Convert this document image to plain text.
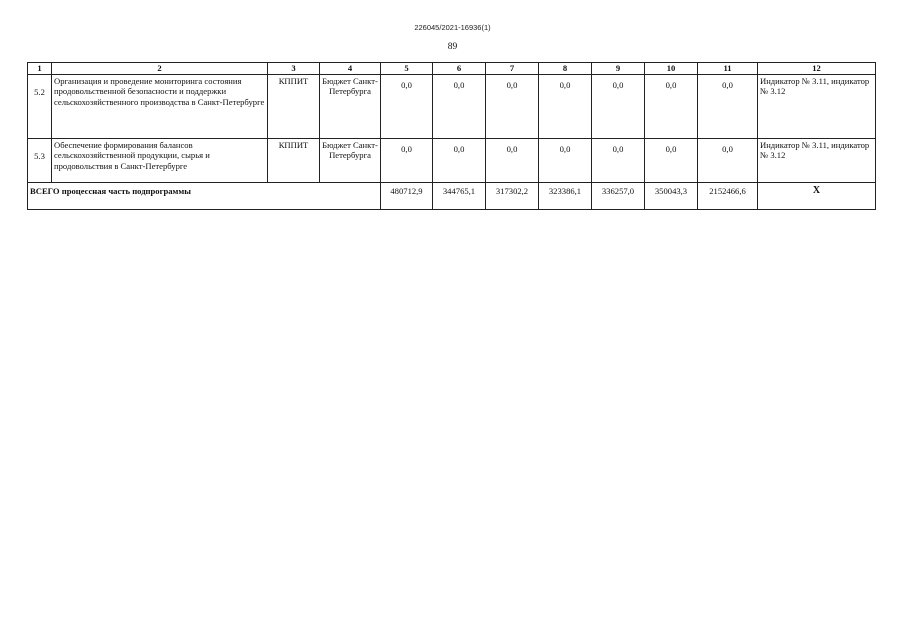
226045/2021-16936(1)
89
1	2	3	4	5	6	7	8	9	10	11	12
5.2	Организация и проведение мониторинга состояния продовольственной безопасности и поддержки сельскохозяйственного производства в Санкт-Петербурге	КППИТ	Бюджет Санкт-Петербурга	0,0	0,0	0,0	0,0	0,0	0,0	0,0	Индикатор № 3.11, индикатор № 3.12
5.3	Обеспечение формирования балансов сельскохозяйственной продукции, сырья и продовольствия в Санкт-Петербурге	КППИТ	Бюджет Санкт-Петербурга	0,0	0,0	0,0	0,0	0,0	0,0	0,0	Индикатор № 3.11, индикатор № 3.12
ВСЕГО процессная часть подпрограммы				480712,9	344765,1	317302,2	323386,1	336257,0	350043,3	2152466,6	X
